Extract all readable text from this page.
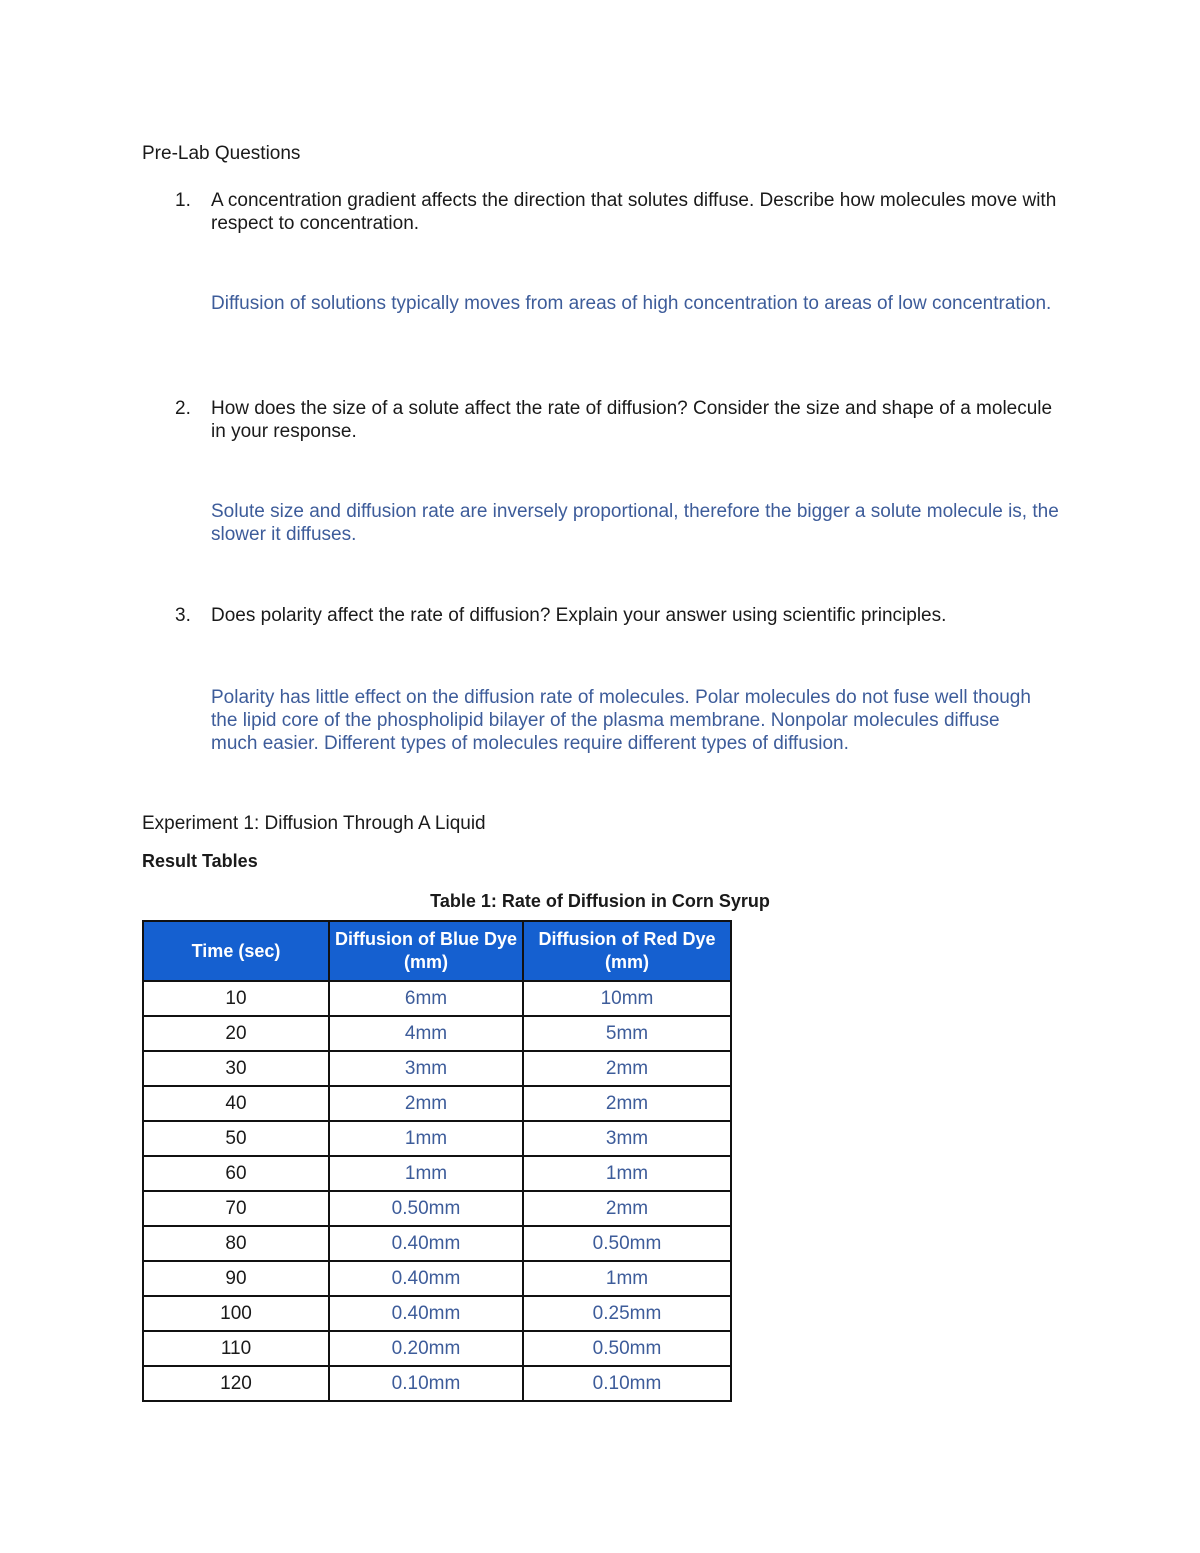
Pre-Lab Questions
1. A concentration gradient affects the direction that solutes diffuse. Describe how molecules move with respect to concentration.
Diffusion of solutions typically moves from areas of high concentration to areas of low concentration.
2. How does the size of a solute affect the rate of diffusion? Consider the size and shape of a molecule in your response.
Solute size and diffusion rate are inversely proportional, therefore the bigger a solute molecule is, the slower it diffuses.
3. Does polarity affect the rate of diffusion? Explain your answer using scientific principles.
Polarity has little effect on the diffusion rate of molecules. Polar molecules do not fuse well though the lipid core of the phospholipid bilayer of the plasma membrane. Nonpolar molecules diffuse much easier. Different types of molecules require different types of diffusion.
Experiment 1: Diffusion Through A Liquid
Result Tables
Table 1: Rate of Diffusion in Corn Syrup
Time (sec)	Diffusion of Blue Dye (mm)	Diffusion of Red Dye (mm)
10	6mm	10mm
20	4mm	5mm
30	3mm	2mm
40	2mm	2mm
50	1mm	3mm
60	1mm	1mm
70	0.50mm	2mm
80	0.40mm	0.50mm
90	0.40mm	1mm
100	0.40mm	0.25mm
110	0.20mm	0.50mm
120	0.10mm	0.10mm
